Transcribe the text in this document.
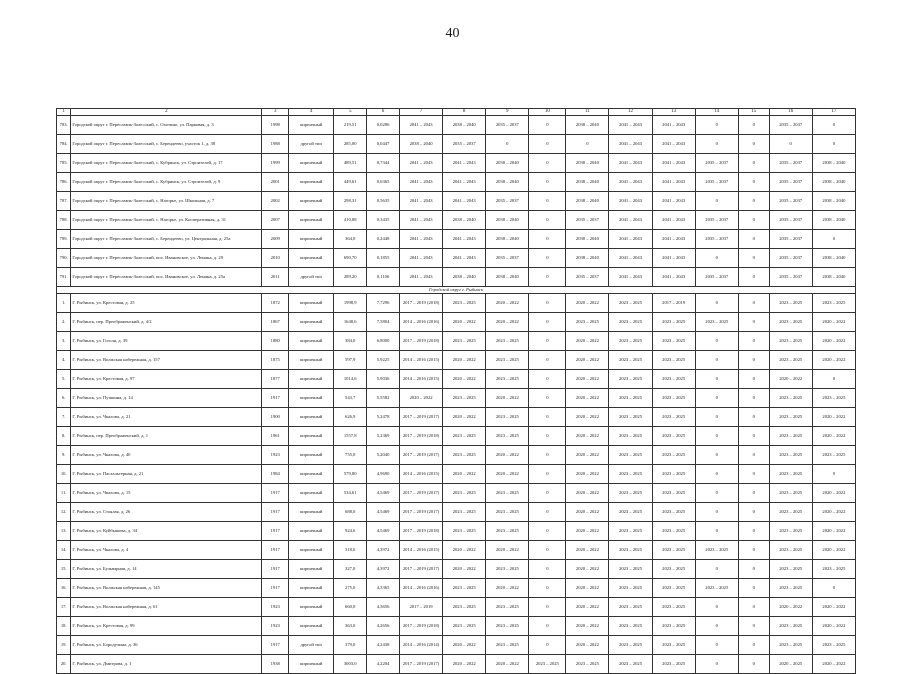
40
1	2	3	4	5	6	7	8	9	10	11	12	13	14	15	16	17
783.	Городской округ г. Переславль-Залесский, с. Охотино, ул. Парковая, д. 3	1998	кирпичный	219,51	0,0286	2041 – 2043	2038 – 2040	2035 – 2037	0	2038 – 2040	2041 – 2043	2041 – 2043	0	0	2035 – 2037	0
784.	Городской округ г. Переславль-Залесский, с. Берендеево, участок 1, д. 38	1988	другой тип	285,00	0,0447	2038 – 2040	2035 – 2037	0	0	0	2041 – 2043	2041 – 2043	0	0	0	0
785.	Городской округ г. Переславль-Залесский, с. Кубринск, ул. Строителей, д. 17	1999	кирпичный	489,51	0,7344	2041 – 2043	2041 – 2043	2038 – 2040	0	2038 – 2040	2041 – 2043	2041 – 2043	2035 – 2037	0	2035 – 2037	2038 – 2040
786.	Городской округ г. Переславль-Залесский, с. Кубринск, ул. Строителей, д. 9	2001	кирпичный	449,61	0,6365	2041 – 2043	2041 – 2043	2038 – 2040	0	2038 – 2040	2041 – 2043	2041 – 2043	2035 – 2037	0	2035 – 2037	2038 – 2040
787.	Городской округ г. Переславль-Залесский, с. Нагорье, ул. Школьная, д. 7	2002	кирпичный	298,31	0,5635	2041 – 2043	2041 – 2043	2035 – 2037	0	2038 – 2040	2041 – 2043	2041 – 2043	0	0	2035 – 2037	2038 – 2040
788.	Городской округ г. Переславль-Залесский, с. Нагорье, ул. Кооперативная, д. 31	2007	кирпичный	410,88	0,3435	2041 – 2043	2038 – 2040	2038 – 2040	0	2035 – 2037	2041 – 2043	2041 – 2043	2035 – 2037	0	2035 – 2037	2038 – 2040
789.	Городской округ г. Переславль-Залесский, с. Берендеево, ул. Центральная, д. 25a	2009	кирпичный	364,0	0,2448	2041 – 2043	2041 – 2043	2038 – 2040	0	2038 – 2040	2041 – 2043	2041 – 2043	2035 – 2037	0	2035 – 2037	0
790.	Городской округ г. Переславль-Залесский, пос. Ивановское, ул. Ленина, д. 29	2010	кирпичный	690,70	0,1855	2041 – 2043	2041 – 2043	2035 – 2037	0	2038 – 2040	2041 – 2043	2041 – 2043	0	0	2035 – 2037	2038 – 2040
791.	Городской округ г. Переславль-Залесский, пос. Ивановское, ул. Ленина, д. 25a	2011	другой тип	289,20	0,1106	2041 – 2043	2038 – 2040	2038 – 2040	0	2035 – 2037	2041 – 2043	2041 – 2043	2035 – 2037	0	2035 – 2037	2038 – 2040
Городской округ г. Рыбинск																
1.	Г. Рыбинск, ул. Крестовая, д. 25	1872	кирпичный	1998,9	7,7296	2017 – 2019 (2018)	2023 – 2025	2020 – 2022	0	2020 – 2022	2023 – 2025	2017 – 2019	0	0	2023 – 2025	2023 – 2025
2.	Г. Рыбинск, пер. Преображенский, д. 4/2	1867	кирпичный	1648,6	7,5804	2014 – 2016 (2016)	2020 – 2022	2020 – 2022	0	2023 – 2025	2023 – 2025	2023 – 2025	2023 – 2025	0	2023 – 2025	2020 – 2022
3.	Г. Рыбинск, ул. Гоголя, д. 39	1880	кирпичный	384,0	6,8000	2017 – 2019 (2018)	2023 – 2025	2023 – 2025	0	2020 – 2022	2023 – 2025	2023 – 2025	0	0	2023 – 2025	2020 – 2022
4.	Г. Рыбинск, ул. Волжская набережная, д. 157	1875	кирпичный	597,9	5,9225	2014 – 2016 (2015)	2020 – 2022	2023 – 2025	0	2020 – 2022	2023 – 2025	2023 – 2025	0	0	2023 – 2025	2020 – 2022
5.	Г. Рыбинск, ул. Крестовая, д. 97	1877	кирпичный	1014,6	5,9036	2014 – 2016 (2015)	2020 – 2022	2023 – 2025	0	2020 – 2022	2023 – 2025	2023 – 2025	0	0	2020 – 2022	0
6.	Г. Рыбинск, ул. Пушкина, д. 14	1917	кирпичный	543,7	5,5582	2020 – 2022	2023 – 2025	2020 – 2022	0	2020 – 2022	2023 – 2025	2023 – 2025	0	0	2023 – 2025	2023 – 2025
7.	Г. Рыбинск, ул. Чкалова, д. 21	1900	кирпичный	626,9	5,2478	2017 – 2019 (2017)	2020 – 2022	2023 – 2025	0	2020 – 2022	2023 – 2025	2023 – 2025	0	0	2023 – 2025	2020 – 2022
8.	Г. Рыбинск, пер. Преображенский, д. 1	1961	кирпичный	1557,8	5,2369	2017 – 2019 (2018)	2023 – 2025	2023 – 2025	0	2020 – 2022	2023 – 2025	2023 – 2025	0	0	2023 – 2025	2020 – 2022
9.	Г. Рыбинск, ул. Чкалова, д. 40	1923	кирпичный	755,0	5,2040	2017 – 2019 (2017)	2023 – 2025	2020 – 2022	0	2020 – 2022	2023 – 2025	2023 – 2025	0	0	2023 – 2025	2023 – 2025
10.	Г. Рыбинск, ул. Пасхальтерная, д. 21	1984	кирпичный	579,80	4,9690	2014 – 2016 (2015)	2020 – 2022	2020 – 2022	0	2020 – 2022	2023 – 2025	2023 – 2025	0	0	2023 – 2025	0
11.	Г. Рыбинск, ул. Чкалова, д. 15	1917	кирпичный	534,61	4,5469	2017 – 2019 (2017)	2023 – 2025	2023 – 2025	0	2020 – 2022	2023 – 2025	2023 – 2025	0	0	2023 – 2025	2020 – 2022
12.	Г. Рыбинск, ул. Стоялая, д. 26	1917	кирпичный	688,0	4,5469	2017 – 2019 (2017)	2023 – 2025	2023 – 2025	0	2020 – 2022	2023 – 2025	2023 – 2025	0	0	2023 – 2025	2020 – 2022
13.	Г. Рыбинск, ул. Куйбышева, д. 34	1917	кирпичный	924,6	4,5469	2017 – 2019 (2018)	2023 – 2025	2023 – 2025	0	2020 – 2022	2023 – 2025	2023 – 2025	0	0	2023 – 2025	2020 – 2022
14.	Г. Рыбинск, ул. Чкалова, д. 4	1917	кирпичный	318,0	4,3972	2014 – 2016 (2015)	2020 – 2022	2020 – 2022	0	2020 – 2022	2023 – 2025	2023 – 2025	2023 – 2025	0	2023 – 2025	2020 – 2022
15.	Г. Рыбинск, ул. Бульварная, д. 14	1917	кирпичный	327,0	4,3972	2017 – 2019 (2017)	2020 – 2022	2023 – 2025	0	2020 – 2022	2023 – 2025	2023 – 2025	0	0	2023 – 2025	2023 – 2025
16.	Г. Рыбинск, ул. Волжская набережная, д. 145	1917	кирпичный	275,0	4,3365	2014 – 2016 (2016)	2023 – 2025	2020 – 2022	0	2020 – 2022	2023 – 2025	2023 – 2025	2023 – 2025	0	2023 – 2025	0
17.	Г. Рыбинск, ул. Волжская набережная, д. 61	1923	кирпичный	660,0	4,3656	2017 – 2019	2023 – 2025	2023 – 2025	0	2020 – 2022	2023 – 2025	2023 – 2025	0	0	2020 – 2022	2020 – 2022
18.	Г. Рыбинск, ул. Крестовая, д. 99	1923	кирпичный	363,0	4,2656	2017 – 2019 (2018)	2023 – 2025	2023 – 2025	0	2020 – 2022	2023 – 2025	2023 – 2025	0	0	2023 – 2025	2020 – 2022
19.	Г. Рыбинск, ул. Бородулина, д. 36	1917	другой тип	379,0	4,2438	2014 – 2016 (2014)	2020 – 2022	2023 – 2025	0	2020 – 2022	2023 – 2025	2023 – 2025	0	0	2023 – 2025	2023 – 2025
20.	Г. Рыбинск, ул. Дмитрова, д. 1	1938	кирпичный	3003,0	4,2204	2017 – 2019 (2017)	2020 – 2022	2020 – 2022	2023 – 2025	2023 – 2025	2023 – 2025	2023 – 2025	0	0	2020 – 2025	2020 – 2022
